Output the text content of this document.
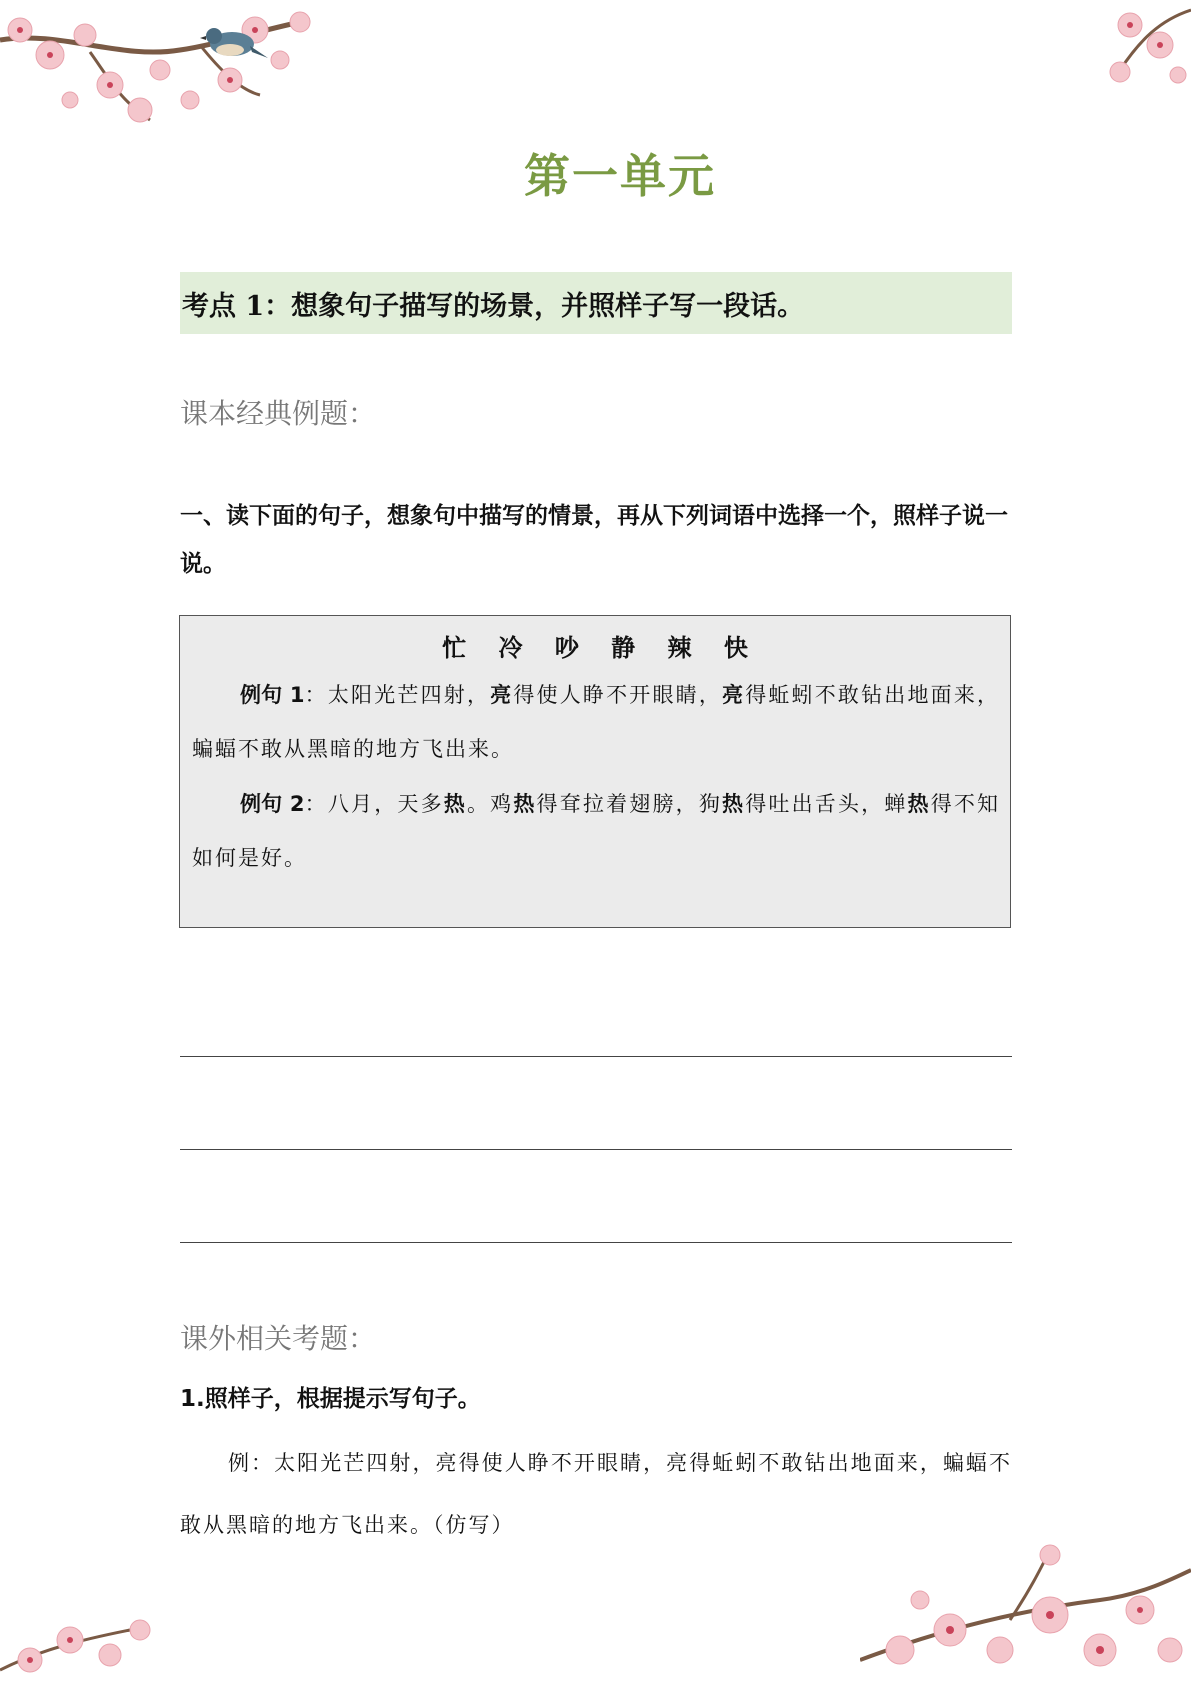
第一单元
考点 1：想象句子描写的场景，并照样子写一段话。
课本经典例题：
一、读下面的句子，想象句中描写的情景，再从下列词语中选择一个，照样子说一说。
忙 冷 吵 静 辣 快
例句 1：太阳光芒四射，亮得使人睁不开眼睛，亮得蚯蚓不敢钻出地面来，蝙蝠不敢从黑暗的地方飞出来。
例句 2：八月，天多热。鸡热得耷拉着翅膀，狗热得吐出舌头，蝉热得不知如何是好。
课外相关考题：
1.照样子，根据提示写句子。
例：太阳光芒四射，亮得使人睁不开眼睛，亮得蚯蚓不敢钻出地面来，蝙蝠不敢从黑暗的地方飞出来。（仿写）
